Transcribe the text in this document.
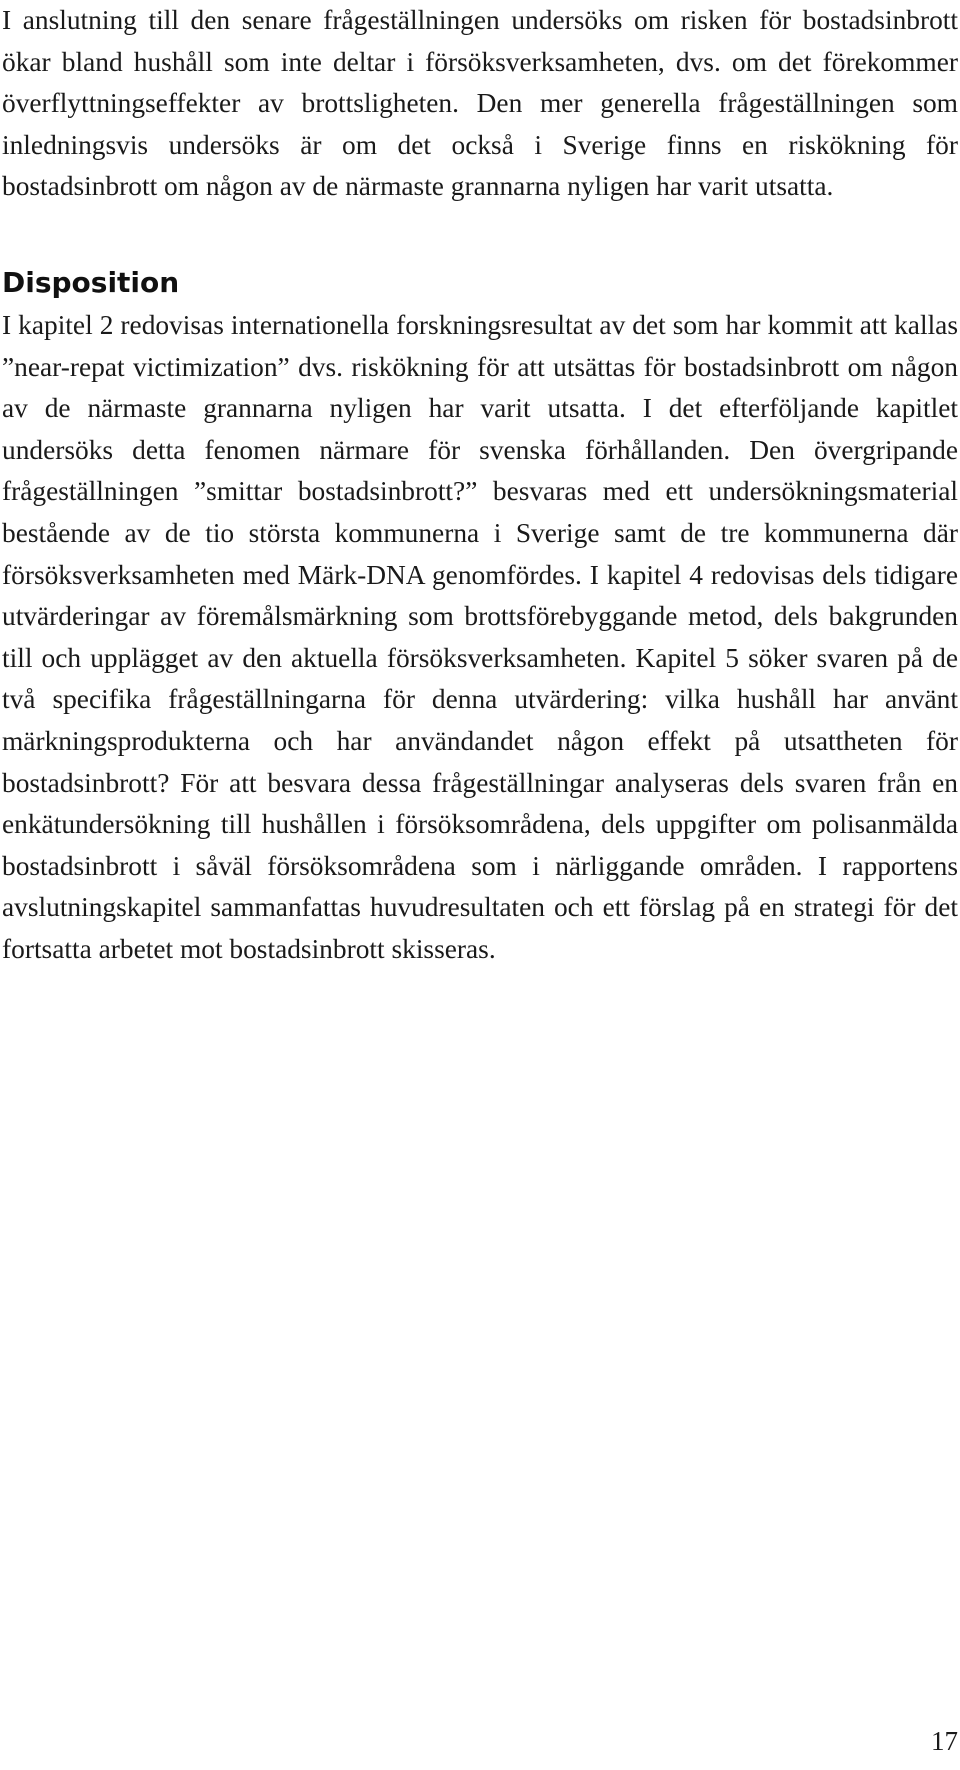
I anslutning till den senare frågeställningen undersöks om risken för bostadsinbrott ökar bland hushåll som inte deltar i försöksverksamheten, dvs. om det förekommer överflyttningseffekter av brottsligheten. Den mer generella frågeställningen som inledningsvis undersöks är om det också i Sverige finns en riskökning för bostadsinbrott om någon av de närmaste grannarna nyligen har varit utsatta.

Disposition

I kapitel 2 redovisas internationella forskningsresultat av det som har kommit att kallas ”near-repat victimization” dvs. riskökning för att utsättas för bostadsinbrott om någon av de närmaste grannarna nyligen har varit utsatta. I det efterföljande kapitlet undersöks detta fenomen närmare för svenska förhållanden. Den övergripande frågeställningen ”smittar bostadsinbrott?” besvaras med ett undersökningsmaterial bestående av de tio största kommunerna i Sverige samt de tre kommunerna där försöksverksamheten med Märk-DNA genomfördes. I kapitel 4 redovisas dels tidigare utvärderingar av föremålsmärkning som brottsförebyggande metod, dels bakgrunden till och upplägget av den aktuella försöksverksamheten. Kapitel 5 söker svaren på de två specifika frågeställningarna för denna utvärdering: vilka hushåll har använt märkningsprodukterna och har användandet någon effekt på utsattheten för bostadsinbrott? För att besvara dessa frågeställningar analyseras dels svaren från en enkätundersökning till hushållen i försöksområdena, dels uppgifter om polisanmälda bostadsinbrott i såväl försöksområdena som i närliggande områden. I rapportens avslutningskapitel sammanfattas huvudresultaten och ett förslag på en strategi för det fortsatta arbetet mot bostadsinbrott skisseras.

17
